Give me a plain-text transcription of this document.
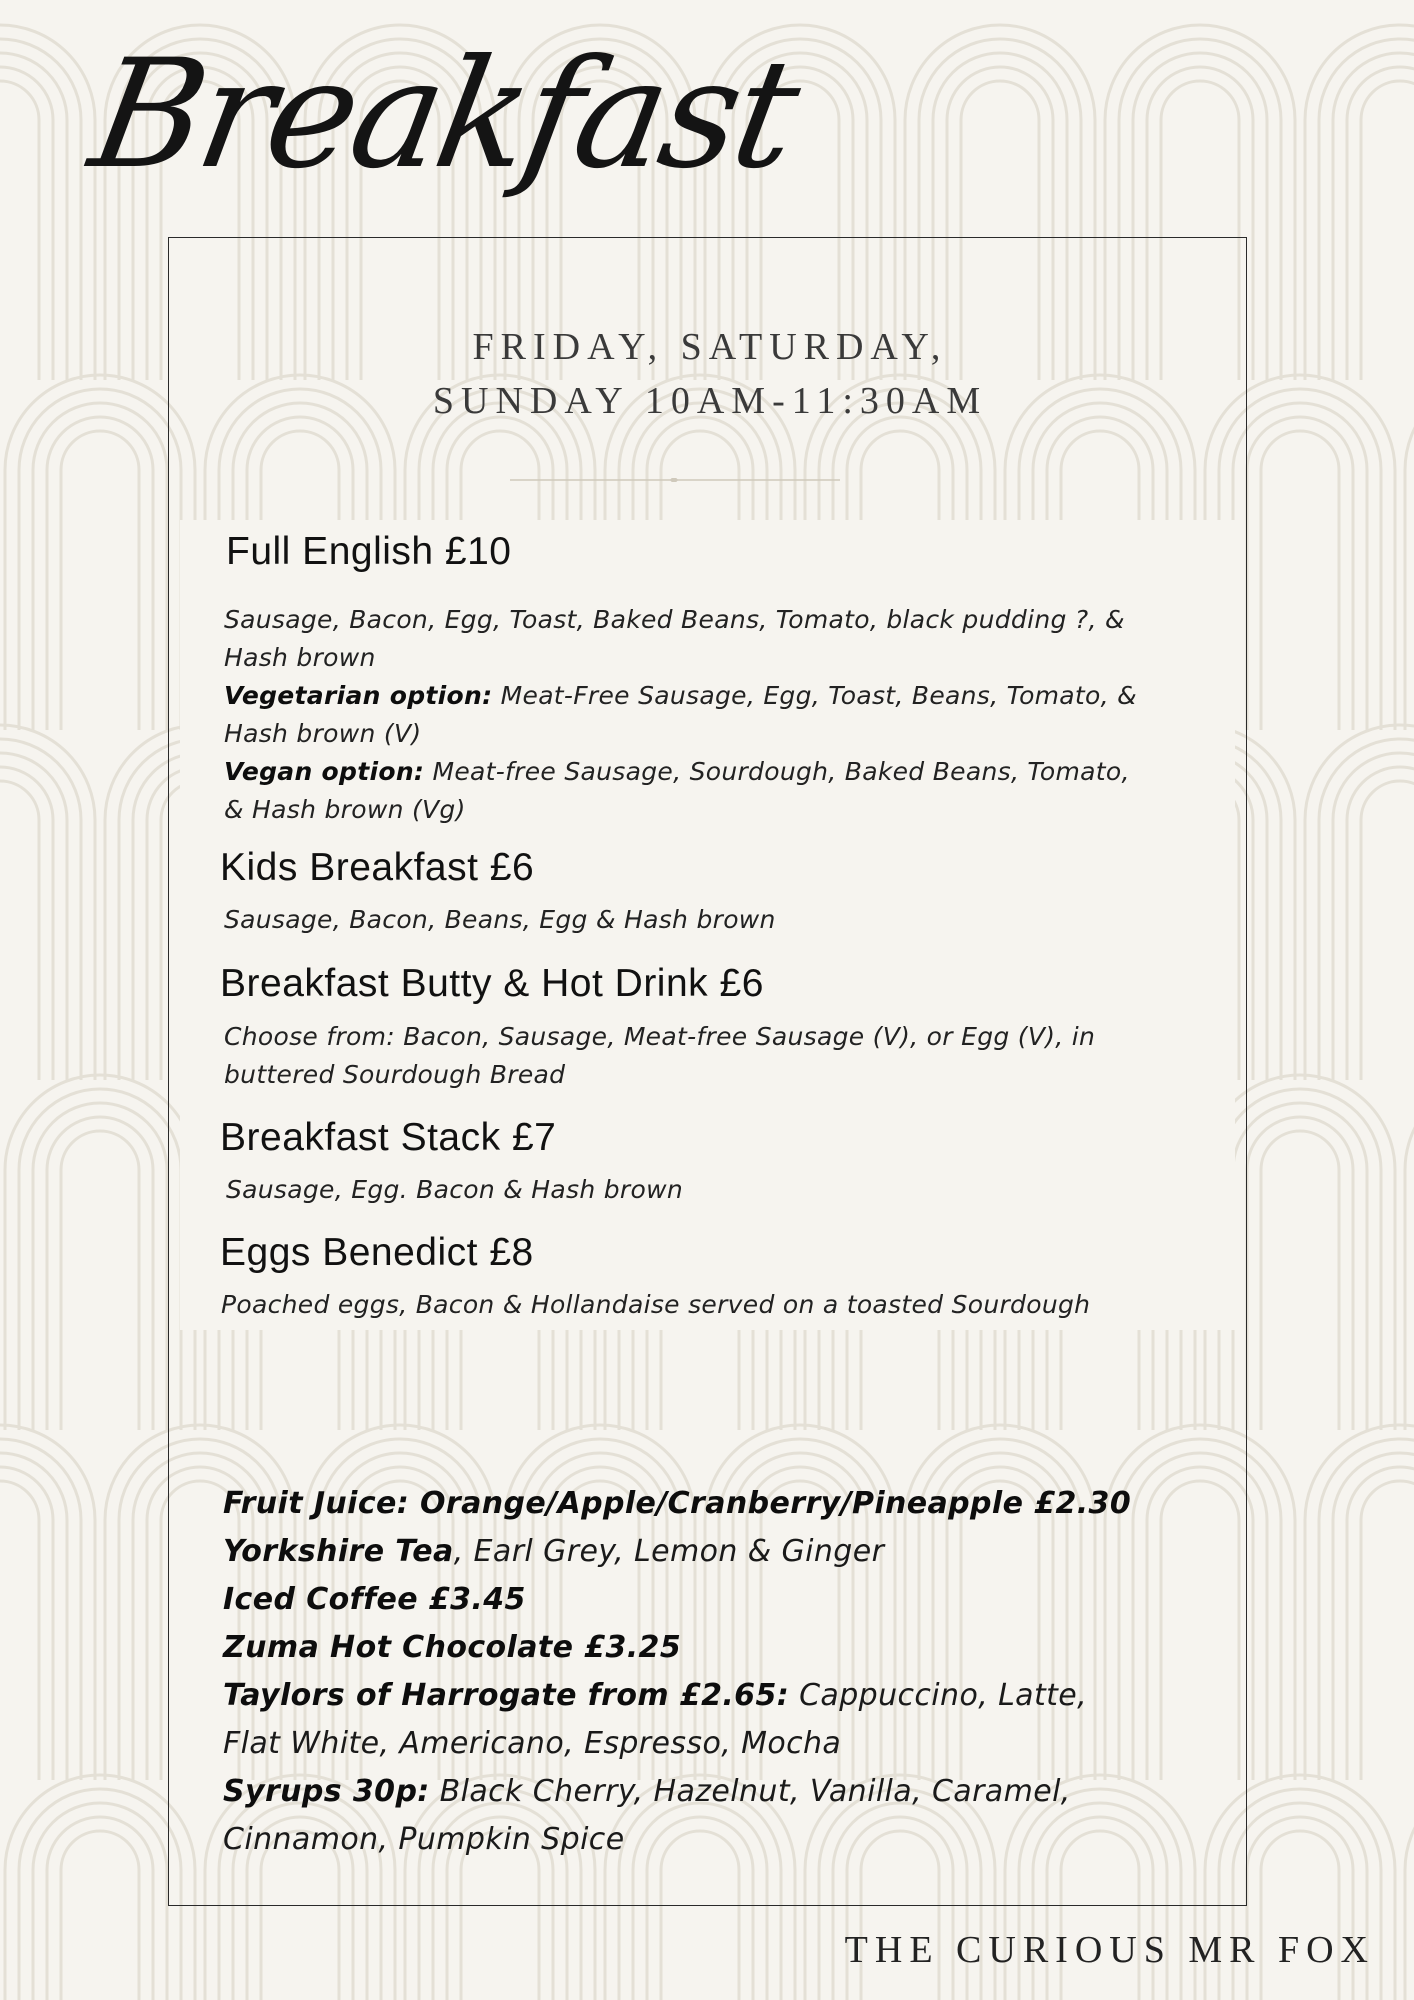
Breakfast
FRIDAY, SATURDAY,
SUNDAY 10AM-11:30AM
Full English £10
Sausage, Bacon, Egg, Toast, Baked Beans, Tomato, black pudding ?, &
Hash brown
Vegetarian option: Meat-Free Sausage, Egg, Toast, Beans, Tomato, &
Hash brown (V)
Vegan option: Meat-free Sausage, Sourdough, Baked Beans, Tomato,
& Hash brown (Vg)
Kids Breakfast £6
Sausage, Bacon, Beans, Egg & Hash brown
Breakfast Butty & Hot Drink £6
Choose from: Bacon, Sausage, Meat-free Sausage (V), or Egg (V), in
buttered Sourdough Bread
Breakfast Stack £7
Sausage, Egg. Bacon & Hash brown
Eggs Benedict £8
Poached eggs, Bacon & Hollandaise served on a toasted Sourdough
Fruit Juice: Orange/Apple/Cranberry/Pineapple £2.30
Yorkshire Tea, Earl Grey, Lemon & Ginger
Iced Coffee £3.45
Zuma Hot Chocolate £3.25
Taylors of Harrogate from £2.65: Cappuccino, Latte,
Flat White, Americano, Espresso, Mocha
Syrups 30p: Black Cherry, Hazelnut, Vanilla, Caramel,
Cinnamon, Pumpkin Spice
THE CURIOUS MR FOX
